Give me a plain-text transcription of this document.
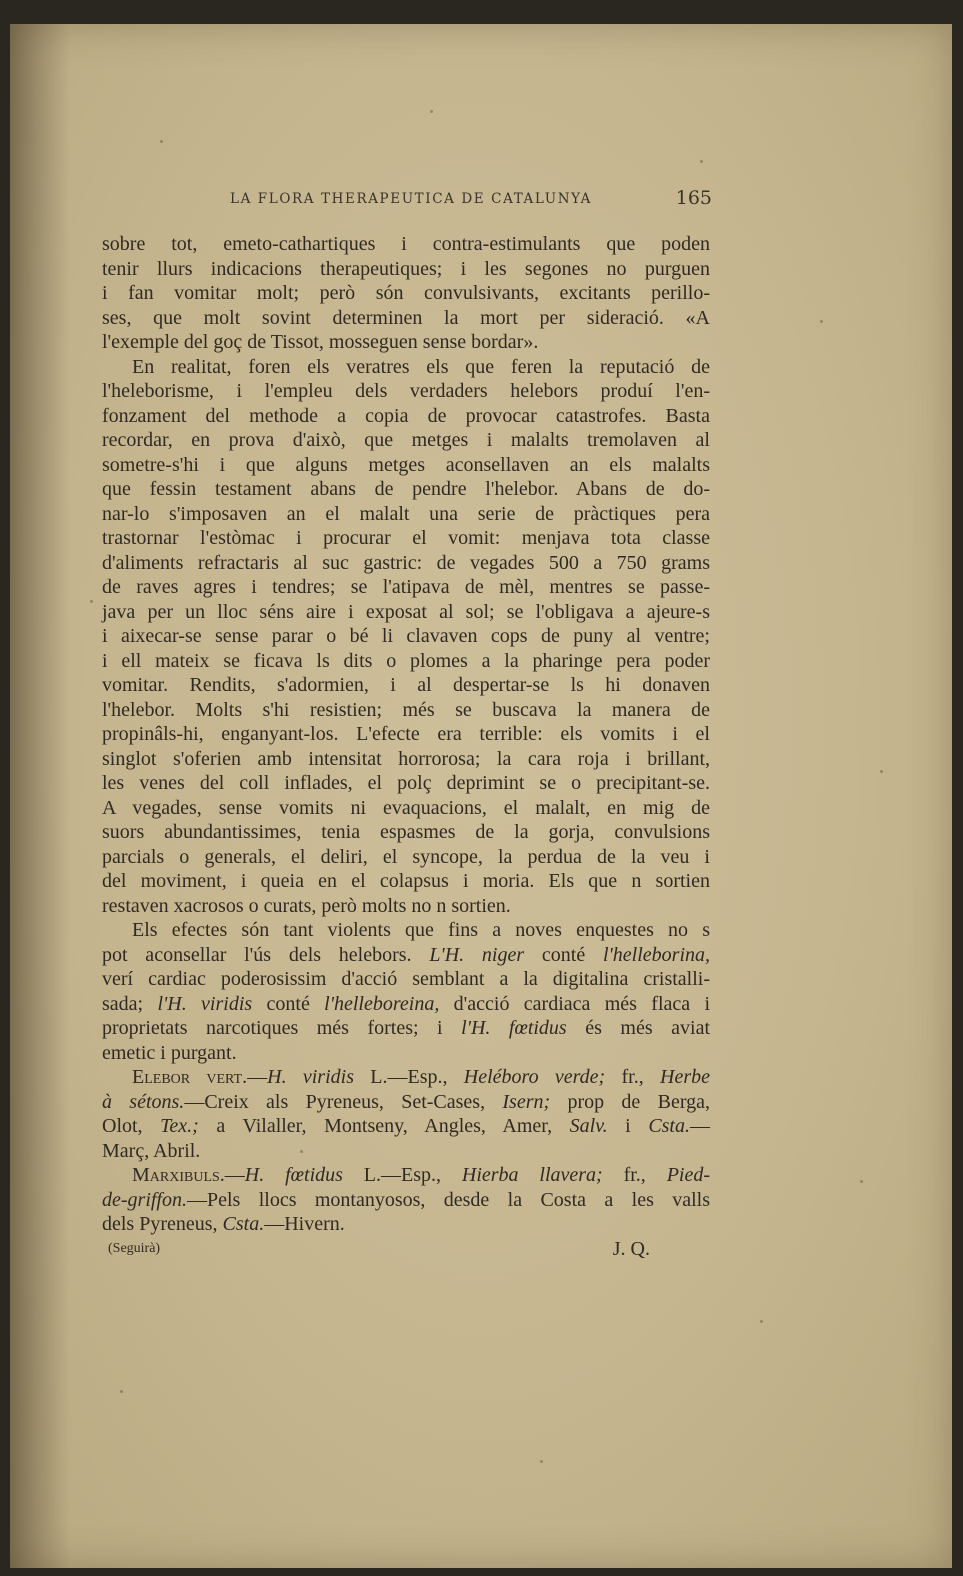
LA FLORA THERAPEUTICA DE CATALUNYA	165
sobre tot, emeto-cathartiques i contra-estimulants que poden
tenir llurs indicacions therapeutiques; i les segones no purguen
i fan vomitar molt; però són convulsivants, excitants perillo-
ses, que molt sovint determinen la mort per sideració. «A
l'exemple del goç de Tissot, mosseguen sense bordar».
En realitat, foren els veratres els que feren la reputació de
l'heleborisme, i l'empleu dels verdaders helebors produí l'en-
fonzament del methode a copia de provocar catastrofes. Basta
recordar, en prova d'això, que metges i malalts tremolaven al
sometre-s'hi i que alguns metges aconsellaven an els malalts
que fessin testament abans de pendre l'helebor. Abans de do-
nar-lo s'imposaven an el malalt una serie de pràctiques pera
trastornar l'estòmac i procurar el vomit: menjava tota classe
d'aliments refractaris al suc gastric: de vegades 500 a 750 grams
de raves agres i tendres; se l'atipava de mèl, mentres se passe-
java per un lloc séns aire i exposat al sol; se l'obligava a ajeure-s
i aixecar-se sense parar o bé li clavaven cops de puny al ventre;
i ell mateix se ficava ls dits o plomes a la pharinge pera poder
vomitar. Rendits, s'adormien, i al despertar-se ls hi donaven
l'helebor. Molts s'hi resistien; més se buscava la manera de
propinâls-hi, enganyant-los. L'efecte era terrible: els vomits i el
singlot s'oferien amb intensitat horrorosa; la cara roja i brillant,
les venes del coll inflades, el polç deprimint se o precipitant-se.
A vegades, sense vomits ni evaquacions, el malalt, en mig de
suors abundantissimes, tenia espasmes de la gorja, convulsions
parcials o generals, el deliri, el syncope, la perdua de la veu i
del moviment, i queia en el colapsus i moria. Els que n sortien
restaven xacrosos o curats, però molts no n sortien.
Els efectes són tant violents que fins a noves enquestes no s
pot aconsellar l'ús dels helebors. L'H. niger conté l'helleborina,
verí cardiac poderosissim d'acció semblant a la digitalina cristalli-
sada; l'H. viridis conté l'helleboreina, d'acció cardiaca més flaca i
proprietats narcotiques més fortes; i l'H. fœtidus és més aviat
emetic i purgant.
Elebor vert.—H. viridis L.—Esp., Heléboro verde; fr., Herbe
à sétons.—Creix als Pyreneus, Set-Cases, Isern; prop de Berga,
Olot, Tex.; a Vilaller, Montseny, Angles, Amer, Salv. i Csta.—
Març, Abril.
Marxibuls.—H. fœtidus L.—Esp., Hierba llavera; fr., Pied-
de-griffon.—Pels llocs montanyosos, desde la Costa a les valls
dels Pyreneus, Csta.—Hivern.
(Seguirà)	J. Q.
